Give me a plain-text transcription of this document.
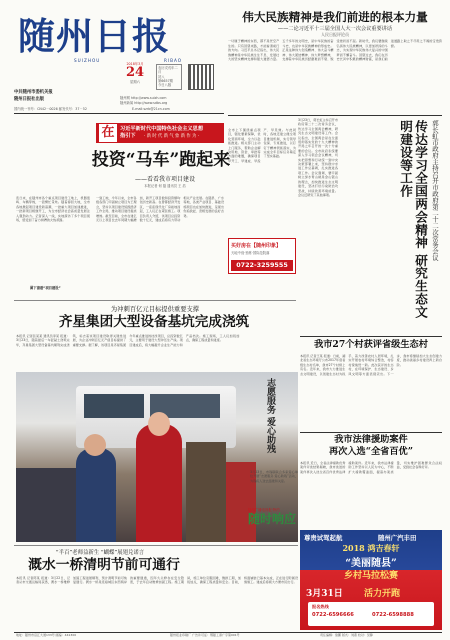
随州日报
SUIZHOU	RIBAO
2018年3月
24
星期六
农历戊戌年二月
初八
第6657期
今日八版
中共随州市委机关报
随州日报社出版	随州网 http://www.suizh.com
随州新闻 http://www.sdbs.org
国内统一刊号：CN42－0026 邮发代号：37－52	E-mail:szrb@21cn.com
伟大民族精神是我们前进的根本力量
——二论习近平十三届全国人大一次会议重要讲话
人民日报评论员
一切属于精神的东西，都不是凭空产生的。只有回望来路，才能看清前行的方向。习近平总书记指出，伟大民族精神是中华民族生生不息、发展壮大的坚实精神支撑和强大道德力量。五千多年的文明史，是中华民族的奋斗史，也是中华民族精神的形成史。正是这种伟大创造精神、伟大奋斗精神、伟大团结精神、伟大梦想精神，支撑着中华民族历经磨难而不衰、饱受挫折而不屈。新时代，我们要继续弘扬伟大民族精神，以更加昂扬的斗志，为实现中华民族伟大复兴的中国梦而不懈奋斗。回望过去，我们在历史长河中积累的精神财富，是我们前进道路上取之不尽用之不竭的宝贵资源。
在	习近平新时代中国特色社会主义思想
指引下 · 新 时 代 新 气 象 新 作 为 ·
投资“马车”跑起来
——看看我市项目建设
本报记者 何 磊 通讯员 王 浩
连日来，在随州市各个重点项目建设工地上，机器轰鸣、车辆穿梭，一派繁忙景象。随着春回大地，全市各地掀起项目建设新高潮，一批重大项目加速推进，一批新项目相继开工，为全市经济社会高质量发展注入强劲动力。记者深入一线，实地探访了多个项目现场，感受到了奋力拼搏的火热氛围。
图下请看“项目建设”
一到工地，今年以来，全市各级各部门牢固树立项目为王理念，坚持以项目建设统揽经济工作全局，推动项目建设提质增效。截至目前，全市在建亿元以上项目比去年同期大幅增加，新开工项目数和投资额均创历史新高。在曾都经济开发区，一座座现代化厂房拔地而起，工人们正在紧张施工。项目负责人介绍，该项目总投资数十亿元，建成后将有力带动相关产业发展。在随县、广水等地，各类产业项目、基础设施项目也在加快推进，呈现出你追我赶、竞相发展的良好态势。
买好房在【随州印象】
天地中庭·独栋·国际范院落
0722-3259555
全市上下围绕重点项目，强化要素保障，优化营商环境，全力以赴抓推进。相关部门主动上门服务，帮助企业解决用地、资金、审批等方面的难题，确保项目早开工、早建成、早投产、早见效。与此同时，各地还建立健全项目推进机制，实行领导包保、专班推进，以钉钉子精神狠抓落实，为完成全年目标任务奠定了坚实基础。	郭长虹市政府主持召开市政府第二十二次常务会议
传达学习全国两会精神 研究生态文明建设等工作
3月23日，郭长虹主持召开市政府第二十二次常务会议，传达学习全国两会精神，研究生态文明建设等工作。会议指出，全国两会是在全面贯彻落实党的十九大精神的开局之年召开的一次十分重要的会议。全市政府系统要深入学习领会会议精神，切实把思想和行动统一到中央决策部署上来，坚持稳中求进工作总基调，扎实推进各项工作。会议强调，要牢固树立绿水青山就是金山银山的理念，加快推进生态文明建设，坚决打好污染防治攻坚战，持续改善环境质量。会议还研究了其他事项。
为冲刺百亿元目标提供重要支撑
齐星集团大型设备基坑完成浇筑
本报讯 记者张某某 通讯员李某 报道：3月23日，随着最后一车混凝土浇筑完毕，齐星集团大型设备基坑顺利完成浇筑，标志着该项目建设取得关键性进展，为企业冲刺百亿元产值目标提供了重要支撑。据了解，该项目是齐星集团今年重点推进的技改项目，总投资数亿元，主要用于建设大型冲压生产线。项目建成后，将大幅提升企业生产能力和产品档次。施工现场，工人们加班加点，确保工程质量和进度。	我市27个村获评省级生态村
本报讯 记者王某 报道：日前，湖北省生态环境厅公布2017年度省级生态村名单，我市27个村榜上有名。近年来，我市大力推进生态文明建设，以创建生态村为抓手，着力改善农村人居环境，扎实开展农村环境综合整治，村容村貌焕然一新。此次获评的生态村，在环境保护、生态建设、乡风文明等方面表现突出。下一步，我市将继续加大生态创建力度，推动美丽乡村建设再上新台阶。
我市法律援助案件
再次入选“全省百优”
本报讯 近日，全省法律援助优秀案件评选结果揭晓，我市选送的案件再次入选全省百件优秀法律援助案件。近年来，我市法律援助工作坚持以人民为中心，不断扩大援助覆盖面，提高办案质量，切实维护困难群众合法权益，受到社会各界好评。
志愿服务 爱心助残
3月23日，市残联联合多家爱心单位开展“志愿服务 爱心助残”活动，为残疾人送去温暖和关爱。
随州广播电视报·特约
随时响应
“半百”老师益新生 “蝴蝶”展翅兑诺言
溉水一桥清明节前可通行
本报讯 记者陈某 报道：3月22日，记者从市交通运输局获悉，溉水一桥维修加固工程进展顺利，预计清明节前可恢复通行。溉水一桥是连接城区东西两岸的重要通道，因年久失修存在安全隐患，于去年启动维修加固工程。施工期间，施工单位克服困难，倒排工期，加班加点，确保工程质量和安全。目前，桥面铺装已基本完成，正在进行附属设施施工。建成后将极大方便市民出行。
尊贵试驾起航	随州广汽丰田
2018 鸿吉春轩
“美丽随县”
乡村马拉松赛
3月31日 活力开跑
报名热线
0722-6596666	0722-6598888
地址：随州市沿江大道133号 邮编：441300	随州报业印刷厂 广告许可证：鄂随工商广字第001号	责任编辑：詹鹏 版式：刘燕 校对：吴静
